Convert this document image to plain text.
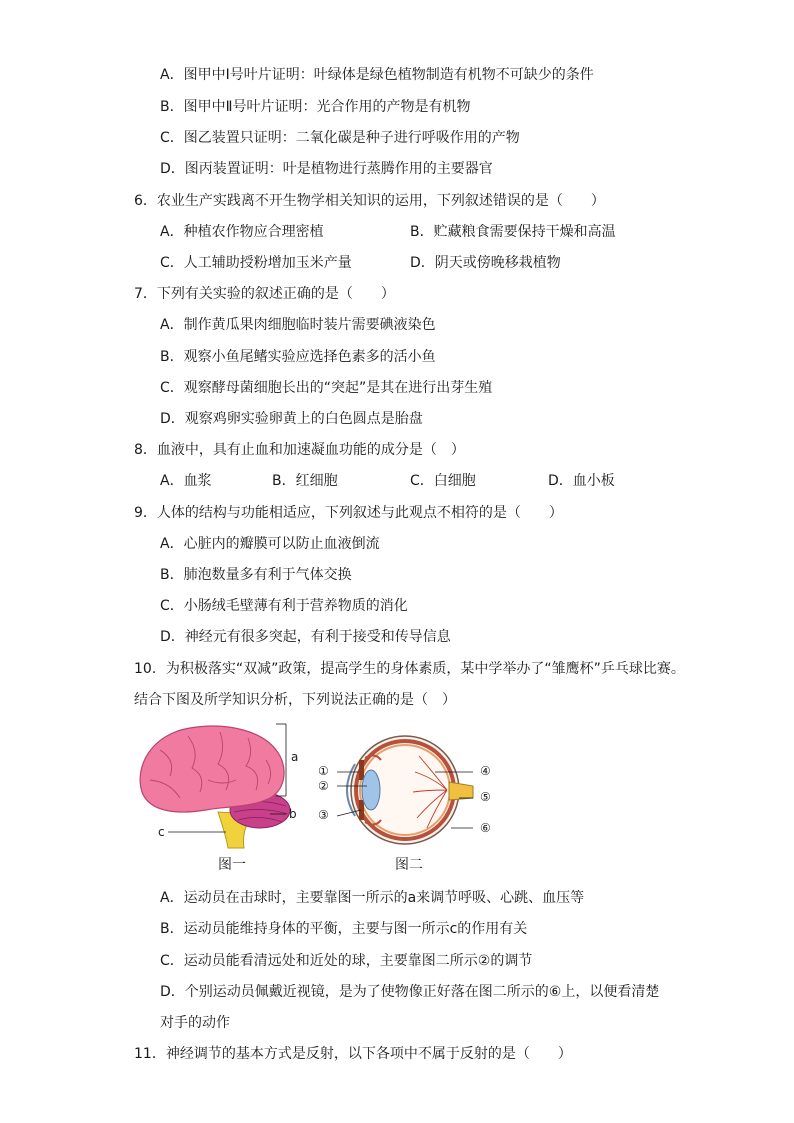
A．图甲中Ⅰ号叶片证明：叶绿体是绿色植物制造有机物不可缺少的条件
B．图甲中Ⅱ号叶片证明：光合作用的产物是有机物
C．图乙装置只证明：二氧化碳是种子进行呼吸作用的产物
D．图丙装置证明：叶是植物进行蒸腾作用的主要器官
6．农业生产实践离不开生物学相关知识的运用，下列叙述错误的是（　　）
A．种植农作物应合理密植	B．贮藏粮食需要保持干燥和高温
C．人工辅助授粉增加玉米产量	D．阴天或傍晚移栽植物
7．下列有关实验的叙述正确的是（　　）
A．制作黄瓜果肉细胞临时装片需要碘液染色
B．观察小鱼尾鳍实验应选择色素多的活小鱼
C．观察酵母菌细胞长出的“突起”是其在进行出芽生殖
D．观察鸡卵实验卵黄上的白色圆点是胎盘
8．血液中，具有止血和加速凝血功能的成分是（　）
A．血浆	B．红细胞	C．白细胞	D．血小板
9．人体的结构与功能相适应，下列叙述与此观点不相符的是（　　）
A．心脏内的瓣膜可以防止血液倒流
B．肺泡数量多有利于气体交换
C．小肠绒毛壁薄有利于营养物质的消化
D．神经元有很多突起，有利于接受和传导信息
10．为积极落实“双减”政策，提高学生的身体素质，某中学举办了“雏鹰杯”乒乓球比赛。
结合下图及所学知识分析，下列说法正确的是（　）
a
b
c
图一
①
②
③
④
⑤
⑥
图二
A．运动员在击球时，主要靠图一所示的a来调节呼吸、心跳、血压等
B．运动员能维持身体的平衡，主要与图一所示c的作用有关
C．运动员能看清远处和近处的球，主要靠图二所示②的调节
D．个别运动员佩戴近视镜，是为了使物像正好落在图二所示的⑥上，以便看清楚
对手的动作
11．神经调节的基本方式是反射，以下各项中不属于反射的是（　　）
